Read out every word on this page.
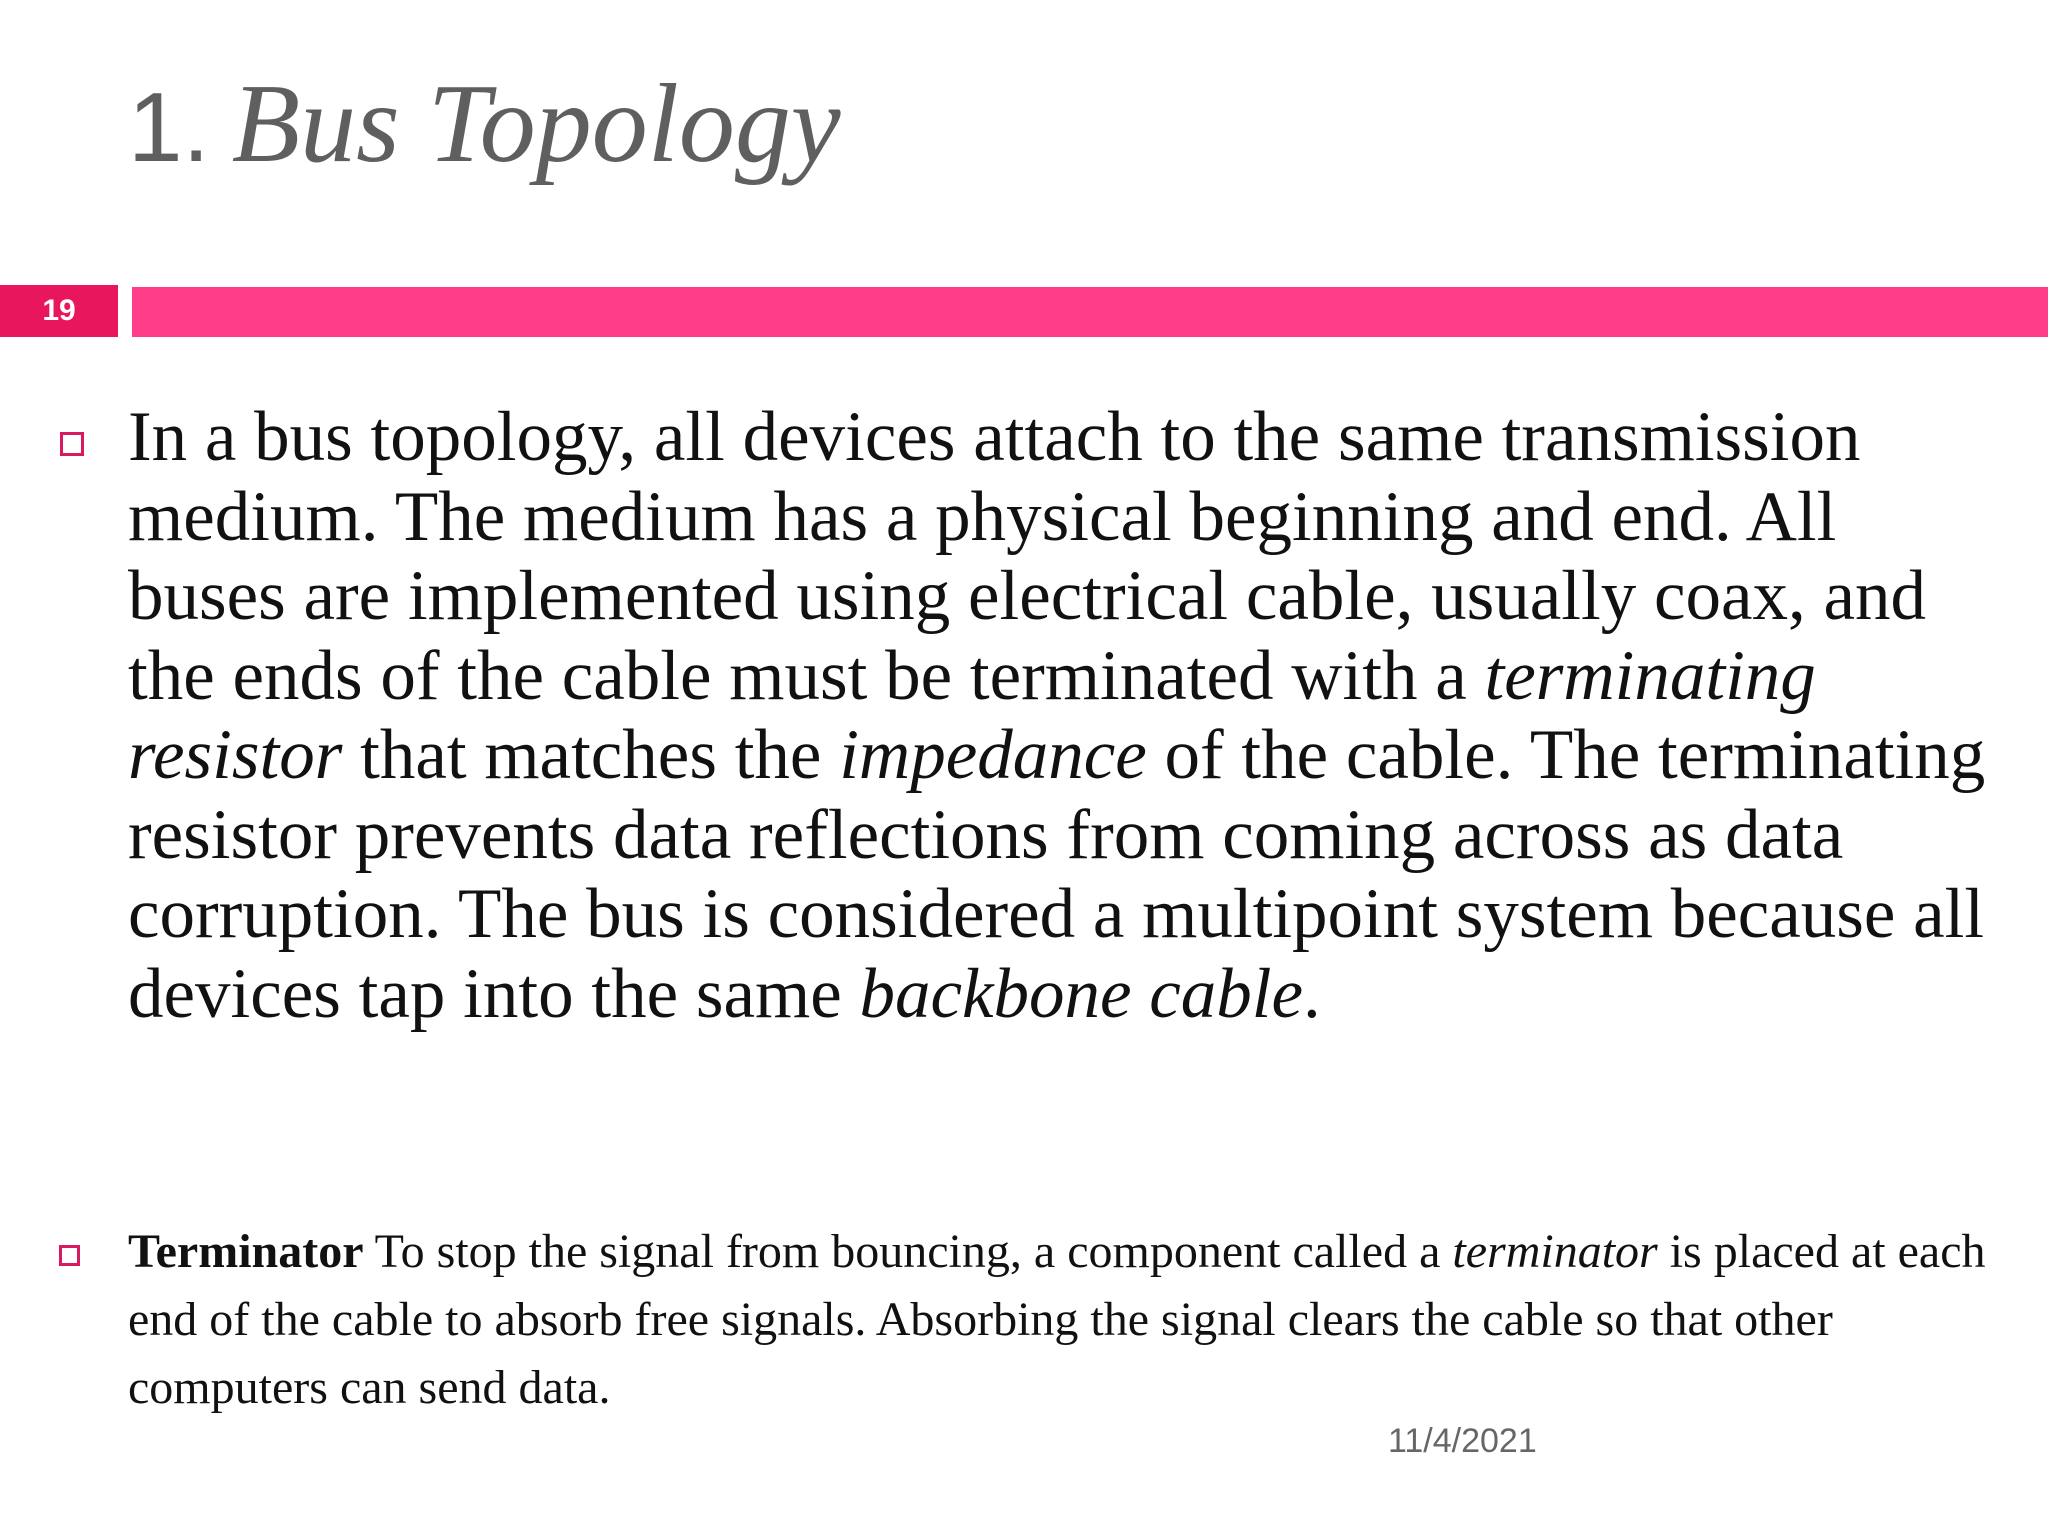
1. Bus Topology
19
In a bus topology, all devices attach to the same transmission medium. The medium has a physical beginning and end. All buses are implemented using electrical cable, usually coax, and the ends of the cable must be terminated with a terminating resistor that matches the impedance of the cable. The terminating resistor prevents data reflections from coming across as data corruption. The bus is considered a multipoint system because all devices tap into the same backbone cable.
Terminator To stop the signal from bouncing, a component called a terminator is placed at each end of the cable to absorb free signals. Absorbing the signal clears the cable so that other computers can send data.
11/4/2021
